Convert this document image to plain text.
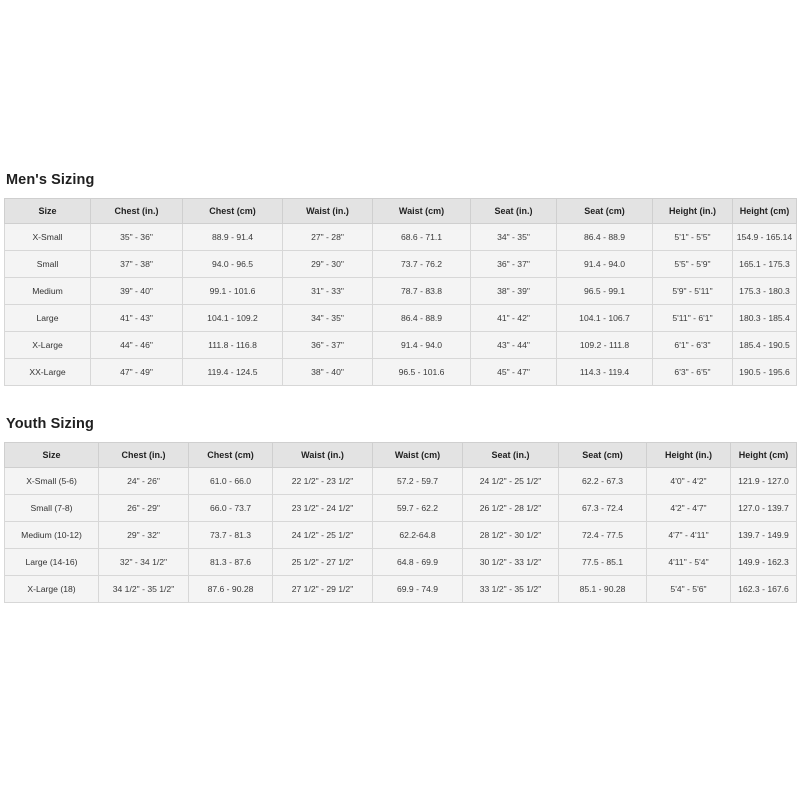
Men's Sizing
Size	Chest (in.)	Chest (cm)	Waist (in.)	Waist (cm)	Seat (in.)	Seat (cm)	Height (in.)	Height (cm)
X-Small	35" - 36"	88.9 - 91.4	27" - 28"	68.6 - 71.1	34" - 35"	86.4 - 88.9	5'1" - 5'5"	154.9 - 165.14
Small	37" - 38"	94.0 - 96.5	29" - 30"	73.7 - 76.2	36" - 37"	91.4 - 94.0	5'5" - 5'9"	165.1 - 175.3
Medium	39" - 40"	99.1 - 101.6	31" - 33"	78.7 - 83.8	38" - 39"	96.5 - 99.1	5'9" - 5'11"	175.3 - 180.3
Large	41" - 43"	104.1 - 109.2	34" - 35"	86.4 - 88.9	41" - 42"	104.1 - 106.7	5'11" - 6'1"	180.3 - 185.4
X-Large	44" - 46"	111.8 - 116.8	36" - 37"	91.4 - 94.0	43" - 44"	109.2 - 111.8	6'1" - 6'3"	185.4 - 190.5
XX-Large	47" - 49"	119.4 - 124.5	38" - 40"	96.5 - 101.6	45" - 47"	114.3 - 119.4	6'3" - 6'5"	190.5 - 195.6
Youth Sizing
Size	Chest (in.)	Chest (cm)	Waist (in.)	Waist (cm)	Seat (in.)	Seat (cm)	Height (in.)	Height (cm)
X-Small (5-6)	24" - 26"	61.0 - 66.0	22 1/2" - 23 1/2"	57.2 - 59.7	24 1/2" - 25 1/2"	62.2 - 67.3	4'0" - 4'2"	121.9 - 127.0
Small (7-8)	26" - 29"	66.0 - 73.7	23 1/2" - 24 1/2"	59.7 - 62.2	26 1/2" - 28 1/2"	67.3 - 72.4	4'2" - 4'7"	127.0 - 139.7
Medium (10-12)	29" - 32"	73.7 - 81.3	24 1/2" - 25 1/2"	62.2-64.8	28 1/2" - 30 1/2"	72.4 - 77.5	4'7" - 4'11"	139.7 - 149.9
Large (14-16)	32" - 34 1/2"	81.3 - 87.6	25 1/2" - 27 1/2"	64.8 - 69.9	30 1/2" - 33 1/2"	77.5 - 85.1	4'11" - 5'4"	149.9 - 162.3
X-Large (18)	34 1/2" - 35 1/2"	87.6 - 90.28	27 1/2" - 29 1/2"	69.9 - 74.9	33 1/2" - 35 1/2"	85.1 - 90.28	5'4" - 5'6"	162.3 - 167.6
